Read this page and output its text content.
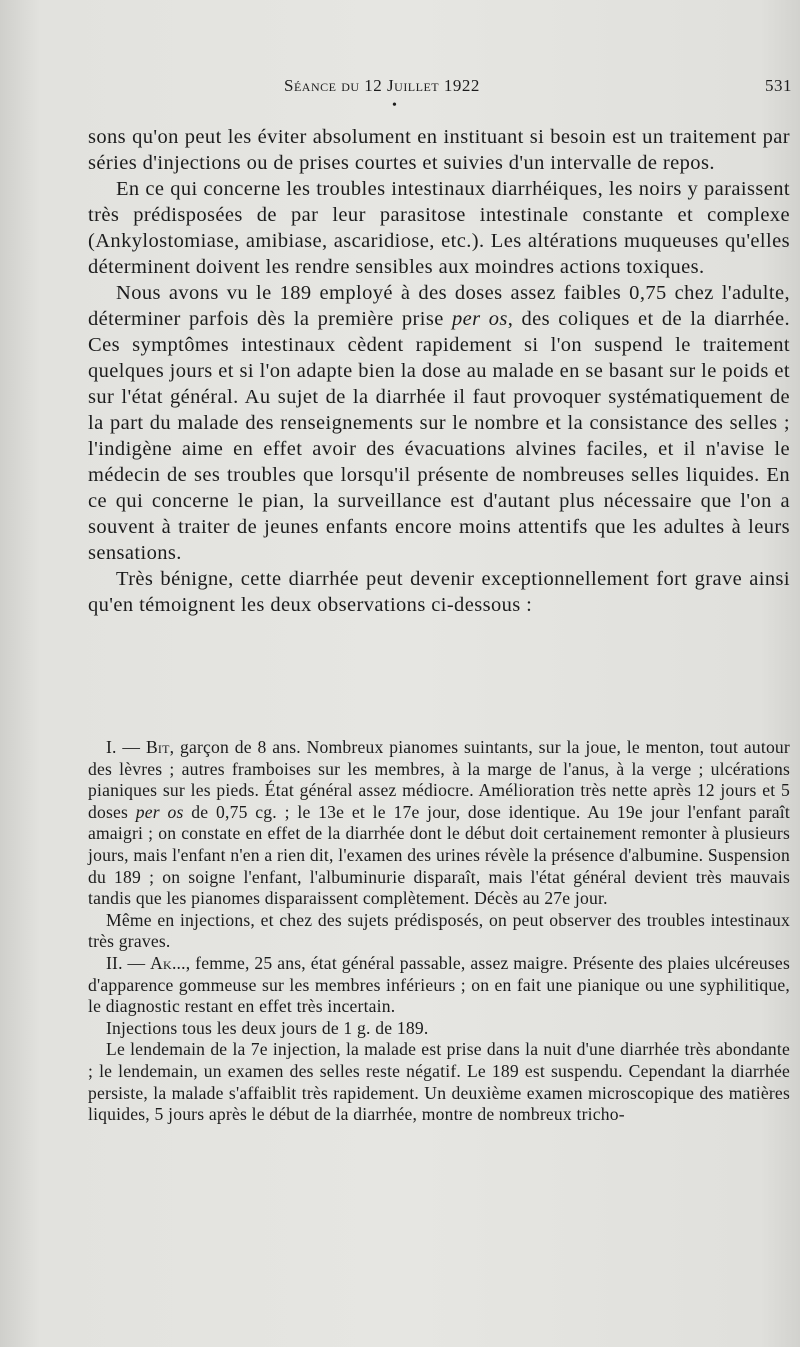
Séance du 12 Juillet 1922	531
•

sons qu'on peut les éviter absolument en instituant si besoin est un traitement par séries d'injections ou de prises courtes et suivies d'un intervalle de repos.

En ce qui concerne les troubles intestinaux diarrhéiques, les noirs y paraissent très prédisposées de par leur parasitose intestinale constante et complexe (Ankylostomiase, amibiase, ascaridiose, etc.). Les altérations muqueuses qu'elles déterminent doivent les rendre sensibles aux moindres actions toxiques.

Nous avons vu le 189 employé à des doses assez faibles 0,75 chez l'adulte, déterminer parfois dès la première prise per os, des coliques et de la diarrhée. Ces symptômes intestinaux cèdent rapidement si l'on suspend le traitement quelques jours et si l'on adapte bien la dose au malade en se basant sur le poids et sur l'état général. Au sujet de la diarrhée il faut provoquer systématiquement de la part du malade des renseignements sur le nombre et la consistance des selles ; l'indigène aime en effet avoir des évacuations alvines faciles, et il n'avise le médecin de ses troubles que lorsqu'il présente de nombreuses selles liquides. En ce qui concerne le pian, la surveillance est d'autant plus nécessaire que l'on a souvent à traiter de jeunes enfants encore moins attentifs que les adultes à leurs sensations.

Très bénigne, cette diarrhée peut devenir exceptionnellement fort grave ainsi qu'en témoignent les deux observations ci-dessous :

I. — Bit, garçon de 8 ans. Nombreux pianomes suintants, sur la joue, le menton, tout autour des lèvres ; autres framboises sur les membres, à la marge de l'anus, à la verge ; ulcérations pianiques sur les pieds. État général assez médiocre. Amélioration très nette après 12 jours et 5 doses per os de 0,75 cg. ; le 13e et le 17e jour, dose identique. Au 19e jour l'enfant paraît amaigri ; on constate en effet de la diarrhée dont le début doit certainement remonter à plusieurs jours, mais l'enfant n'en a rien dit, l'examen des urines révèle la présence d'albumine. Suspension du 189 ; on soigne l'enfant, l'albuminurie disparaît, mais l'état général devient très mauvais tandis que les pianomes disparaissent complètement. Décès au 27e jour.

Même en injections, et chez des sujets prédisposés, on peut observer des troubles intestinaux très graves.

II. — Ak..., femme, 25 ans, état général passable, assez maigre. Présente des plaies ulcéreuses d'apparence gommeuse sur les membres inférieurs ; on en fait une pianique ou une syphilitique, le diagnostic restant en effet très incertain.

Injections tous les deux jours de 1 g. de 189.

Le lendemain de la 7e injection, la malade est prise dans la nuit d'une diarrhée très abondante ; le lendemain, un examen des selles reste négatif. Le 189 est suspendu. Cependant la diarrhée persiste, la malade s'affaiblit très rapidement. Un deuxième examen microscopique des matières liquides, 5 jours après le début de la diarrhée, montre de nombreux tricho-
